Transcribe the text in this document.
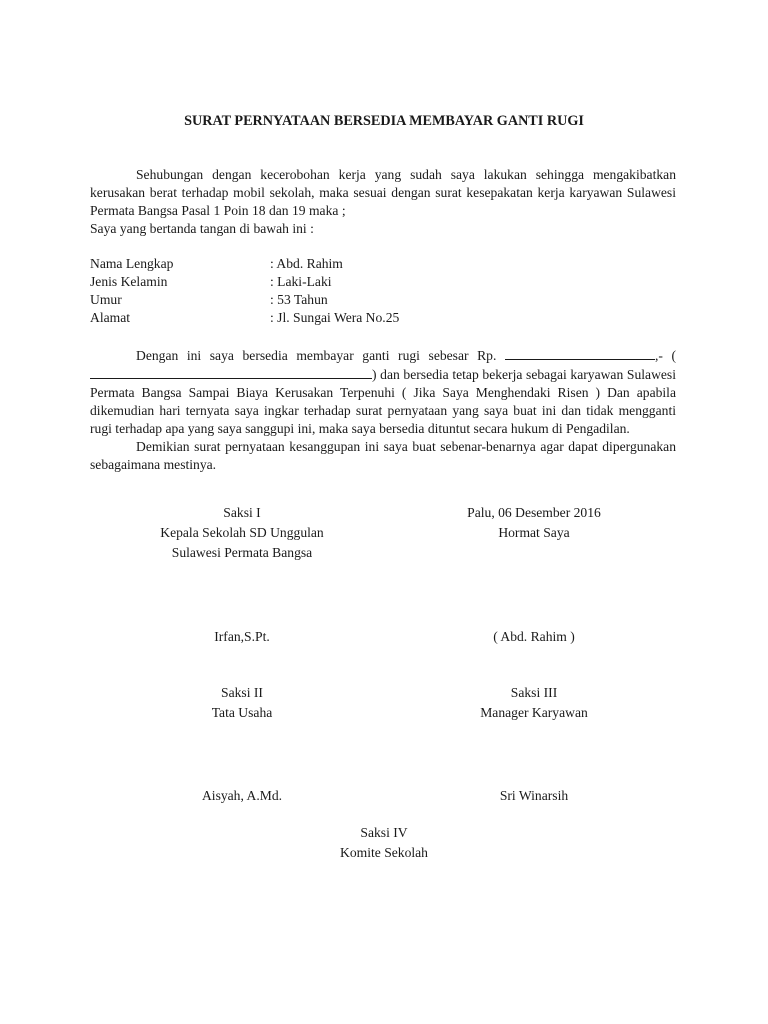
SURAT PERNYATAAN BERSEDIA MEMBAYAR GANTI RUGI

Sehubungan dengan kecerobohan kerja yang sudah saya lakukan sehingga mengakibatkan kerusakan berat terhadap mobil sekolah, maka sesuai dengan surat kesepakatan kerja karyawan Sulawesi Permata Bangsa Pasal 1 Poin 18 dan 19 maka ;

Saya yang bertanda tangan di bawah ini :
Nama Lengkap	: Abd. Rahim
Jenis Kelamin	: Laki-Laki
Umur	: 53 Tahun
Alamat	: Jl. Sungai Wera No.25

Dengan ini saya bersedia membayar ganti rugi sebesar Rp.	,- () dan bersedia tetap bekerja sebagai karyawan Sulawesi Permata Bangsa Sampai Biaya Kerusakan Terpenuhi ( Jika Saya Menghendaki Risen ) Dan apabila dikemudian hari ternyata saya ingkar terhadap surat pernyataan yang saya buat ini dan tidak mengganti rugi terhadap apa yang saya sanggupi ini, maka saya bersedia dituntut secara hukum di Pengadilan.

Demikian surat pernyataan kesanggupan ini saya buat sebenar-benarnya agar dapat dipergunakan sebagaimana mestinya.

Saksi I

Kepala Sekolah SD Unggulan

Sulawesi Permata Bangsa

Palu, 06 Desember 2016

Hormat Saya

Irfan,S.Pt.	( Abd. Rahim )

Saksi II

Tata Usaha

Saksi III

Manager Karyawan

Aisyah, A.Md.	Sri Winarsih

Saksi IV

Komite Sekolah
